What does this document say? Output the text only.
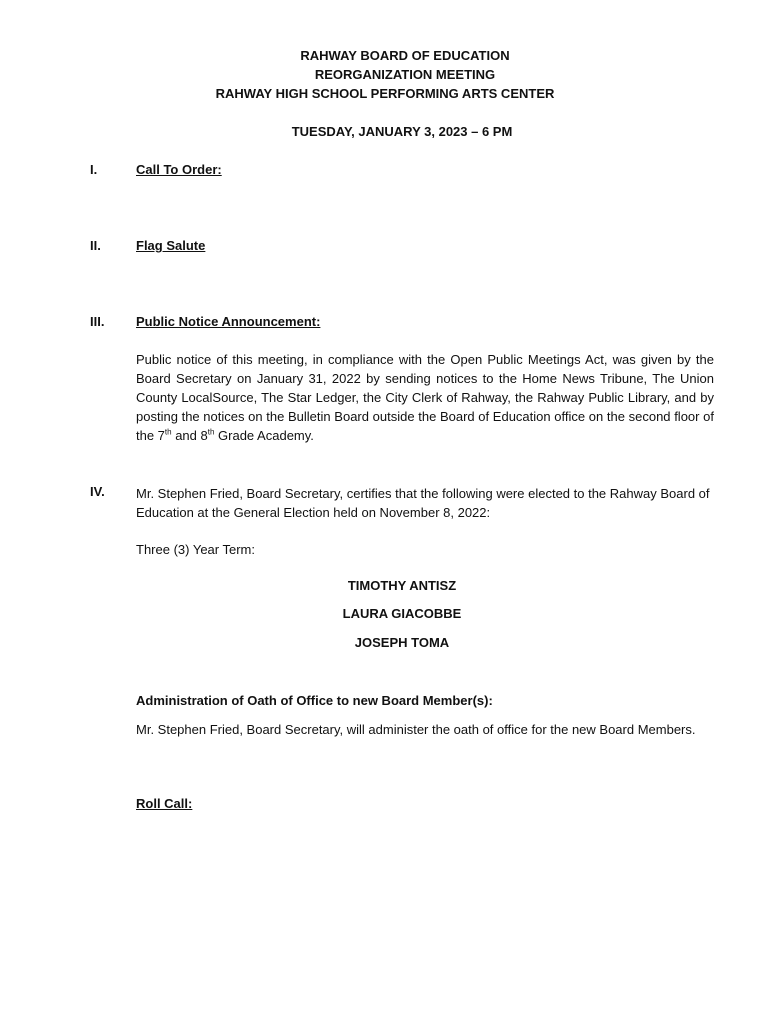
RAHWAY BOARD OF EDUCATION
REORGANIZATION MEETING
RAHWAY HIGH SCHOOL PERFORMING ARTS CENTER
TUESDAY, JANUARY 3, 2023 – 6 PM
I.	Call To Order:
II.	Flag Salute
III. Public Notice Announcement:
Public notice of this meeting, in compliance with the Open Public Meetings Act, was given by the Board Secretary on January 31, 2022 by sending notices to the Home News Tribune, The Union County LocalSource, The Star Ledger, the City Clerk of Rahway, the Rahway Public Library, and by posting the notices on the Bulletin Board outside the Board of Education office on the second floor of the 7th and 8th Grade Academy.
IV. Mr. Stephen Fried, Board Secretary, certifies that the following were elected to the Rahway Board of Education at the General Election held on November 8, 2022:
Three (3) Year Term:
TIMOTHY ANTISZ
LAURA GIACOBBE
JOSEPH TOMA
Administration of Oath of Office to new Board Member(s):
Mr. Stephen Fried, Board Secretary, will administer the oath of office for the new Board Members.
Roll Call:
